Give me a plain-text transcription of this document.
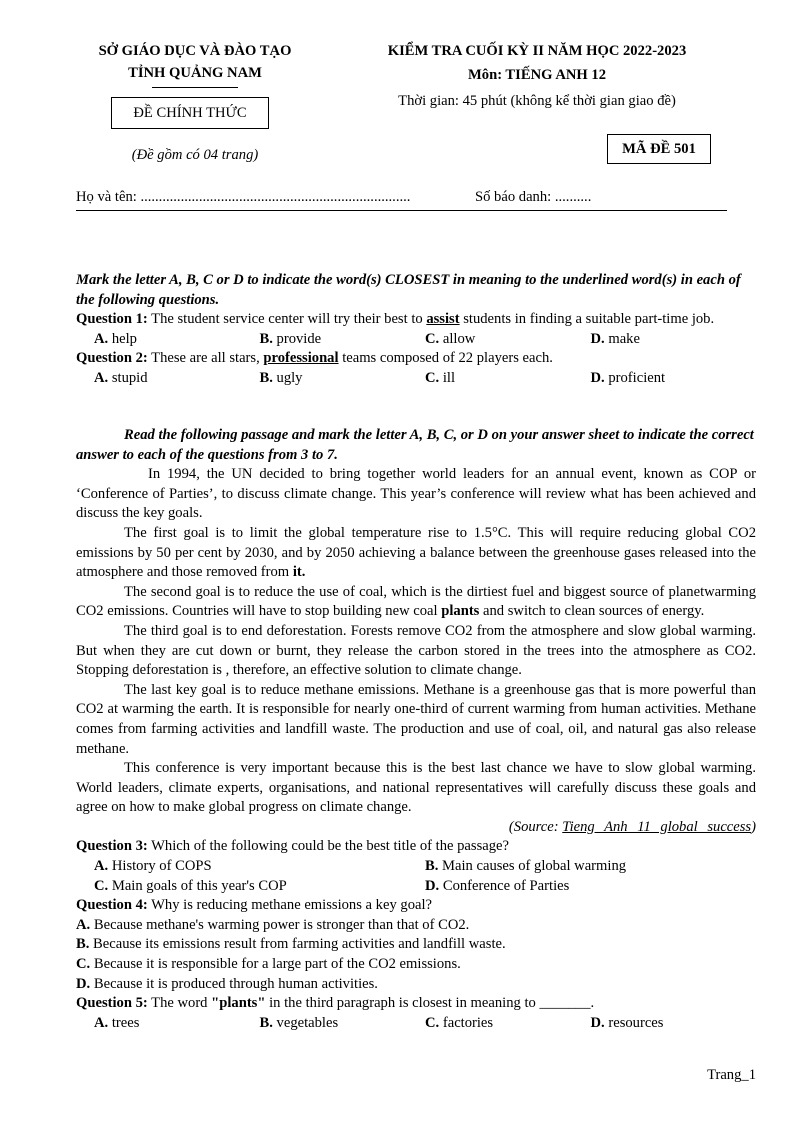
SỞ GIÁO DỤC VÀ ĐÀO TẠO
TỈNH QUẢNG NAM
ĐỀ CHÍNH THỨC
(Đề gồm có 04 trang)
KIỂM TRA CUỐI KỲ II NĂM HỌC 2022-2023
Môn: TIẾNG ANH 12
Thời gian: 45 phút (không kể thời gian giao đề)
MÃ ĐỀ 501
Họ và tên: ..........................................................................	Số báo danh: ..........

Mark the letter A, B, C or D to indicate the word(s) CLOSEST in meaning to the underlined word(s) in each of the following questions.

Question 1: The student service center will try their best to assist students in finding a suitable part-time job.

A. help	B. provide	C. allow	D. make

Question 2: These are all stars, professional teams composed of 22 players each.

A. stupid	B. ugly	C. ill	D. proficient

Read the following passage and mark the letter A, B, C, or D on your answer sheet to indicate the correct answer to each of the questions from 3 to 7.

In 1994, the UN decided to bring together world leaders for an annual event, known as COP or ‘Conference of Parties’, to discuss climate change. This year’s conference will review what has been achieved and discuss the key goals.

The first goal is to limit the global temperature rise to 1.5°C. This will require reducing global CO2 emissions by 50 per cent by 2030, and by 2050 achieving a balance between the greenhouse gases released into the atmosphere and those removed from it.

The second goal is to reduce the use of coal, which is the dirtiest fuel and biggest source of planetwarming CO2 emissions. Countries will have to stop building new coal plants and switch to clean sources of energy.

The third goal is to end deforestation. Forests remove CO2 from the atmosphere and slow global warming. But when they are cut down or burnt, they release the carbon stored in the trees into the atmosphere as CO2. Stopping deforestation is , therefore, an effective solution to climate change.

The last key goal is to reduce methane emissions. Methane is a greenhouse gas that is more powerful than CO2 at warming the earth. It is responsible for nearly one-third of current warming from human activities. Methane comes from farming activities and landfill waste. The production and use of coal, oil, and natural gas also release methane.

This conference is very important because this is the best last chance we have to slow global warming. World leaders, climate experts, organisations, and national representatives will carefully discuss these goals and agree on how to make global progress on climate change.

(Source: Tieng Anh 11 global success)

Question 3: Which of the following could be the best title of the passage?

A. History of COPS	B. Main causes of global warming
C. Main goals of this year's COP	D. Conference of Parties

Question 4: Why is reducing methane emissions a key goal?

A. Because methane's warming power is stronger than that of CO2.

B. Because its emissions result from farming activities and landfill waste.

C. Because it is responsible for a large part of the CO2 emissions.

D. Because it is produced through human activities.

Question 5: The word "plants" in the third paragraph is closest in meaning to _______.

A. trees	B. vegetables	C. factories	D. resources
Trang_1
